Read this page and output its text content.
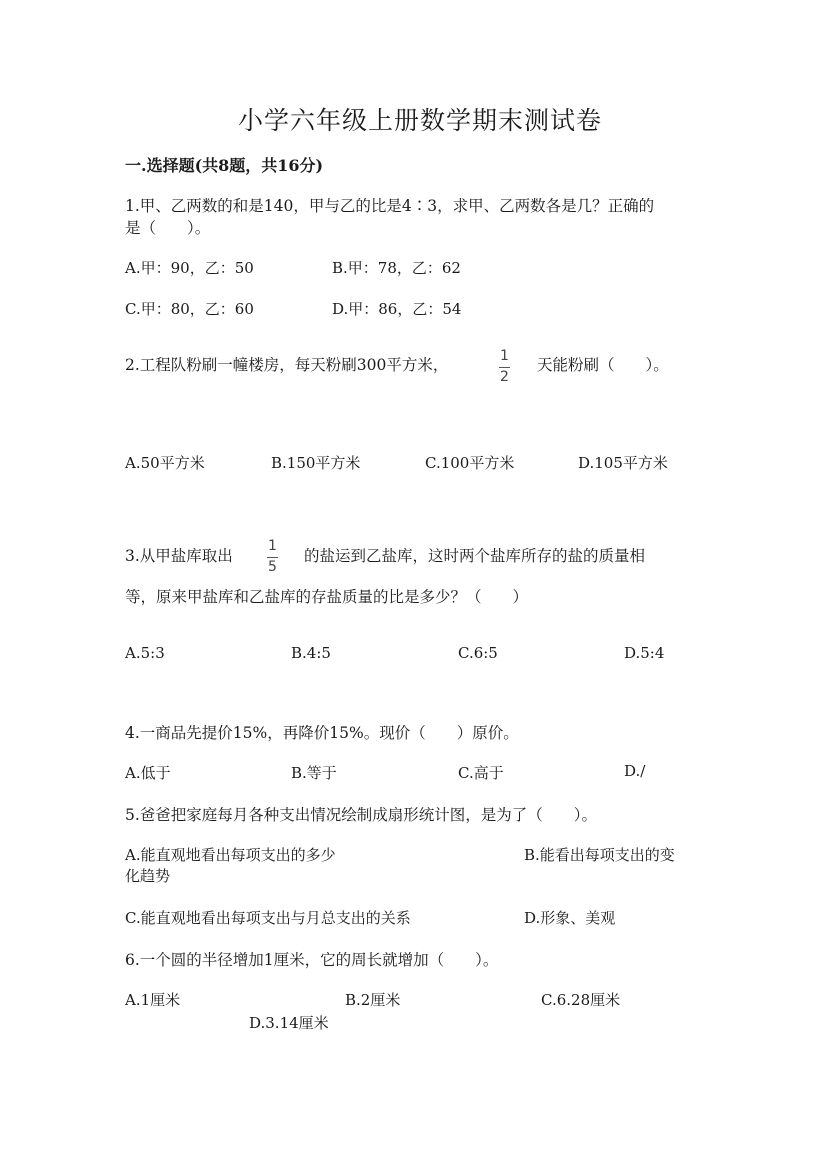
小学六年级上册数学期末测试卷
一.选择题(共8题，共16分)
1.甲、乙两数的和是140，甲与乙的比是4∶3，求甲、乙两数各是几？正确的
是（　　）。
A.甲：90，乙：50	B.甲：78，乙：62
C.甲：80，乙：60	D.甲：86，乙：54
2.工程队粉刷一幢楼房，每天粉刷300平方米，	1
2
天能粉刷（　　）。
A.50平方米	B.150平方米	C.100平方米	D.105平方米
3.从甲盐库取出
1
5
的盐运到乙盐库，这时两个盐库所存的盐的质量相
等，原来甲盐库和乙盐库的存盐质量的比是多少？（　　）
A.5:3	B.4:5	C.6:5	D.5:4
4.一商品先提价15%，再降价15%。现价（　　）原价。
A.低于	B.等于	C.高于	D./
5.爸爸把家庭每月各种支出情况绘制成扇形统计图，是为了（　　）。
A.能直观地看出每项支出的多少	B.能看出每项支出的变
化趋势
C.能直观地看出每项支出与月总支出的关系	D.形象、美观
6.一个圆的半径增加1厘米，它的周长就增加（　　）。
A.1厘米	B.2厘米	C.6.28厘米
D.3.14厘米
